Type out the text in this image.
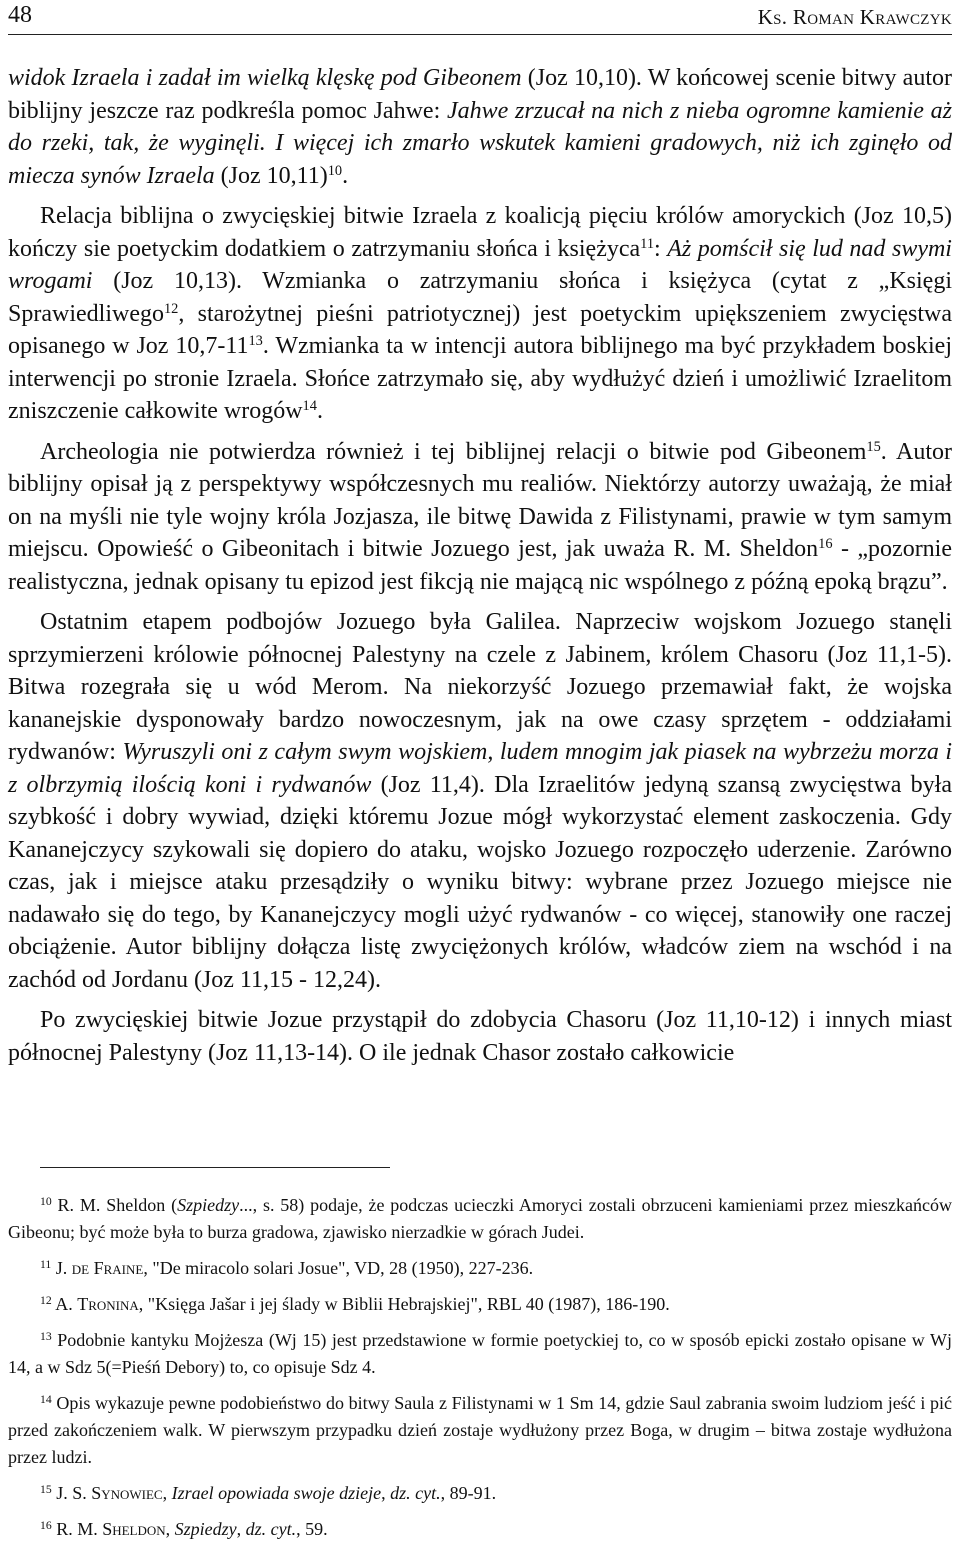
48	Ks. Roman Krawczyk

widok Izraela i zadał im wielką klęskę pod Gibeonem (Joz 10,10). W końcowej scenie bitwy autor biblijny jeszcze raz podkreśla pomoc Jahwe: Jahwe zrzucał na nich z nieba ogromne kamienie aż do rzeki, tak, że wyginęli. I więcej ich zmarło wskutek kamieni gradowych, niż ich zginęło od miecza synów Izraela (Joz 10,11)$^{10}$.

Relacja biblijna o zwycięskiej bitwie Izraela z koalicją pięciu królów amoryckich (Joz 10,5) kończy sie poetyckim dodatkiem o zatrzymaniu słońca i księżyca$^{11}$: Aż pomścił się lud nad swymi wrogami (Joz 10,13). Wzmianka o zatrzymaniu słońca i księżyca (cytat z „Księgi Sprawiedliwego$^{12}$, starożytnej pieśni patriotycznej) jest poetyckim upiększeniem zwycięstwa opisanego w Joz $10,7-11^{13}$. Wzmianka ta w intencji autora biblijnego ma być przykładem boskiej interwencji po stronie Izraela. Słońce zatrzymało się, aby wydłużyć dzień i umożliwić Izraelitom zniszczenie całkowite wrogów$^{14}$.

Archeologia nie potwierdza również i tej biblijnej relacji o bitwie pod Gibeonem$^{15}$. Autor biblijny opisał ją z perspektywy współczesnych mu realiów. Niektórzy autorzy uważają, że miał on na myśli nie tyle wojny króla Jozjasza, ile bitwę Dawida z Filistynami, prawie w tym samym miejscu. Opowieść o Gibeonitach i bitwie Jozuego jest, jak uważa R. M. Sheldon$^{16}$ - „pozornie realistyczna, jednak opisany tu epizod jest fikcją nie mającą nic wspólnego z późną epoką brązu”.

Ostatnim etapem podbojów Jozuego była Galilea. Naprzeciw wojskom Jozuego stanęli sprzymierzeni królowie północnej Palestyny na czele z Jabinem, królem Chasoru (Joz 11,1-5). Bitwa rozegrała się u wód Merom. Na niekorzyść Jozuego przemawiał fakt, że wojska kananejskie dysponowały bardzo nowoczesnym, jak na owe czasy sprzętem - oddziałami rydwanów: Wyruszyli oni z całym swym wojskiem, ludem mnogim jak piasek na wybrzeżu morza i z olbrzymią ilością koni i rydwanów (Joz 11,4). Dla Izraelitów jedyną szansą zwycięstwa była szybkość i dobry wywiad, dzięki któremu Jozue mógł wykorzystać element zaskoczenia. Gdy Kananejczycy szykowali się dopiero do ataku, wojsko Jozuego rozpoczęło uderzenie. Zarówno czas, jak i miejsce ataku przesądziły o wyniku bitwy: wybrane przez Jozuego miejsce nie nadawało się do tego, by Kananejczycy mogli użyć rydwanów - co więcej, stanowiły one raczej obciążenie. Autor biblijny dołącza listę zwyciężonych królów, władców ziem na wschód i na zachód od Jordanu (Joz 11,15 - 12,24).

Po zwycięskiej bitwie Jozue przystąpił do zdobycia Chasoru (Joz 11,10-12) i innych miast północnej Palestyny (Joz 11,13-14). O ile jednak Chasor zostało całkowicie

$^{10}$ R. M. Sheldon (Szpiedzy..., s. 58) podaje, że podczas ucieczki Amoryci zostali obrzuceni kamieniami przez mieszkańców Gibeonu; być może była to burza gradowa, zjawisko nierzadkie w górach Judei.
$^{11}$ J. de Fraine, "De miracolo solari Josue", VD, 28 (1950), 227-236.
$^{12}$ A. Tronina, "Księga Jašar i jej ślady w Biblii Hebrajskiej", RBL 40 (1987), 186-190.
$^{13}$ Podobnie kantyku Mojżesza (Wj 15) jest przedstawione w formie poetyckiej to, co w sposób epicki zostało opisane w Wj 14, a w Sdz 5(=Pieśń Debory) to, co opisuje Sdz 4.
$^{14}$ Opis wykazuje pewne podobieństwo do bitwy Saula z Filistynami w 1 Sm 14, gdzie Saul zabrania swoim ludziom jeść i pić przed zakończeniem walk. W pierwszym przypadku dzień zostaje wydłużony przez Boga, w drugim – bitwa zostaje wydłużona przez ludzi.
$^{15}$ J. S. Synowiec, Izrael opowiada swoje dzieje, dz. cyt., 89-91.
$^{16}$ R. M. Sheldon, Szpiedzy, dz. cyt., 59.
